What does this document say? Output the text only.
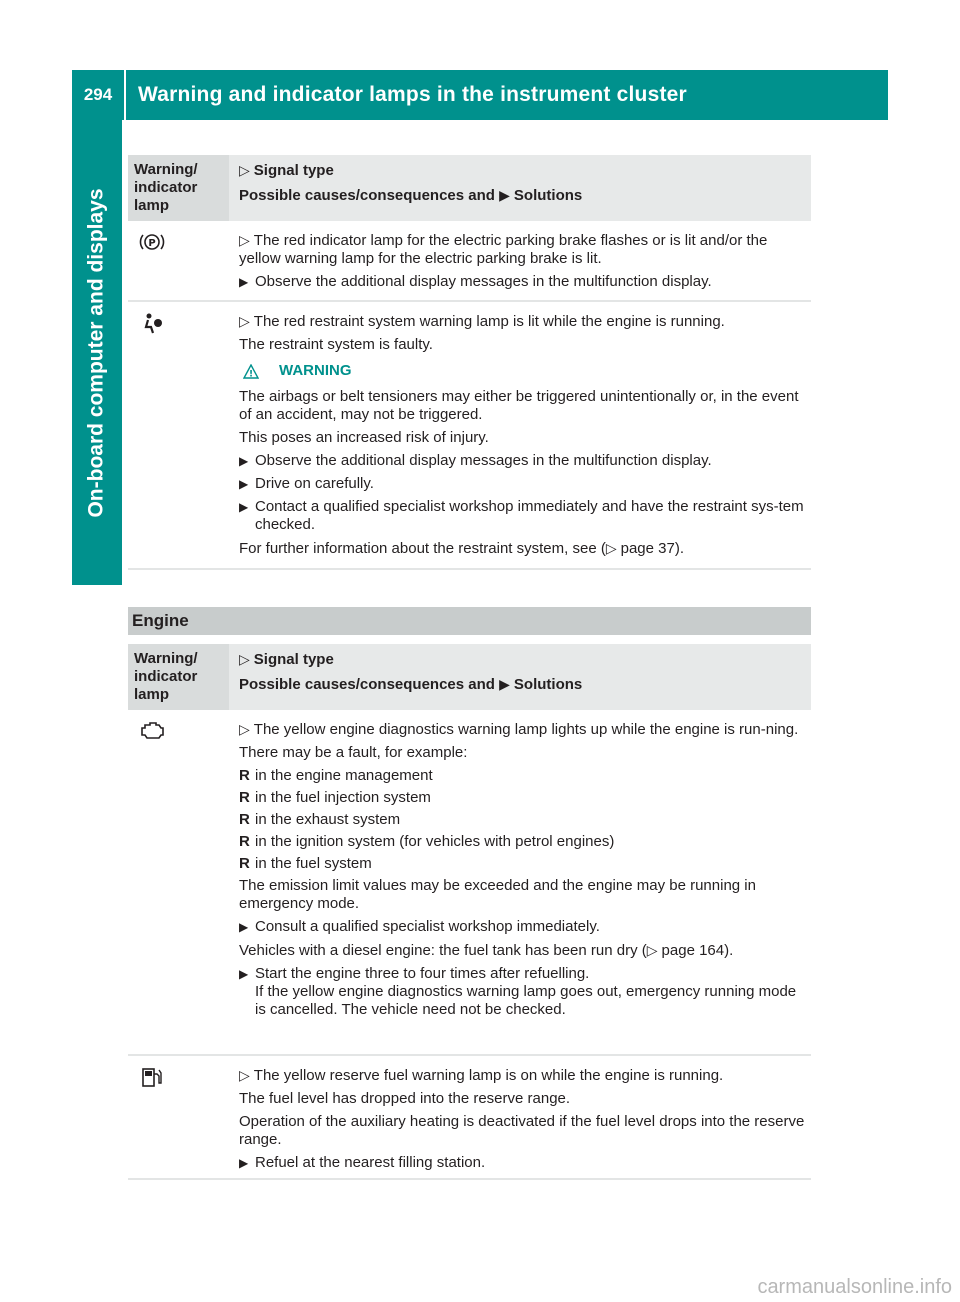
294	Warning and indicator lamps in the instrument cluster
On-board computer and displays
Warning/
indicator
lamp

▷ Signal type

Possible causes/consequences and ▶ Solutions

P	▷ The red indicator lamp for the electric parking brake flashes or is lit and/or the yellow warning lamp for the electric parking brake is lit.

▶ Observe the additional display messages in the multifunction display.

▷ The red restraint system warning lamp is lit while the engine is running.

The restraint system is faulty.

! WARNING

The airbags or belt tensioners may either be triggered unintentionally or, in the event of an accident, may not be triggered.

This poses an increased risk of injury.

▶ Observe the additional display messages in the multifunction display.
▶ Drive on carefully.
▶ Contact a qualified specialist workshop immediately and have the restraint sys-tem checked.

For further information about the restraint system, see (▷ page 37).

Engine
Warning/
indicator
lamp

▷ Signal type

Possible causes/consequences and ▶ Solutions

▷ The yellow engine diagnostics warning lamp lights up while the engine is run-ning.

There may be a fault, for example:

R in the engine management
R in the fuel injection system
R in the exhaust system
R in the ignition system (for vehicles with petrol engines)
R in the fuel system

The emission limit values may be exceeded and the engine may be running in emergency mode.

▶ Consult a qualified specialist workshop immediately.

Vehicles with a diesel engine: the fuel tank has been run dry (▷ page 164).

▶ Start the engine three to four times after refuelling.
If the yellow engine diagnostics warning lamp goes out, emergency running mode is cancelled. The vehicle need not be checked.

▷ The yellow reserve fuel warning lamp is on while the engine is running.

The fuel level has dropped into the reserve range.

Operation of the auxiliary heating is deactivated if the fuel level drops into the reserve range.

▶ Refuel at the nearest filling station.
carmanualsonline.info
